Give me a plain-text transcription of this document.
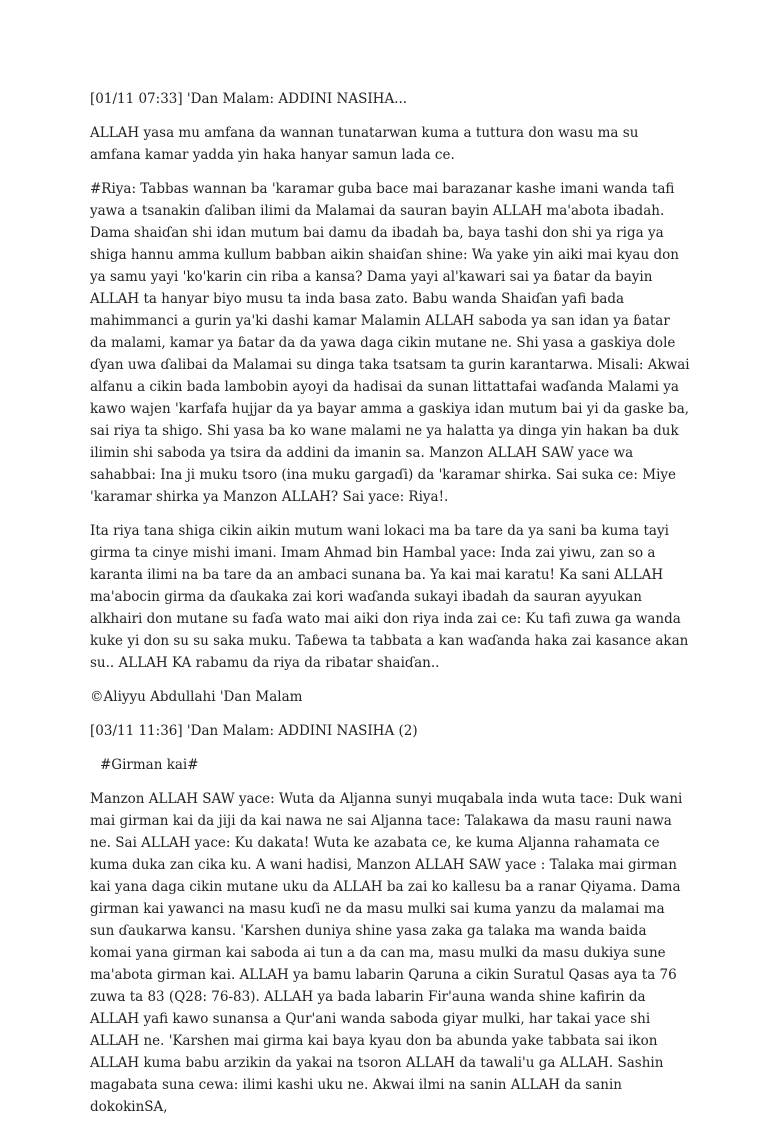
[01/11 07:33] 'Dan Malam: ADDINI NASIHA...

ALLAH yasa mu amfana da wannan tunatarwan kuma a tuttura don wasu ma su amfana kamar yadda yin haka hanyar samun lada ce.

#Riya: Tabbas wannan ba 'karamar guba bace mai barazanar kashe imani wanda tafi yawa a tsanakin ɗaliban ilimi da Malamai da sauran bayin ALLAH ma'abota ibadah. Dama shaiɗan shi idan mutum bai damu da ibadah ba, baya tashi don shi ya riga ya shiga hannu amma kullum babban aikin shaiɗan shine: Wa yake yin aiki mai kyau don ya samu yayi 'ko'karin cin riba a kansa? Dama yayi al'kawari sai ya ɓatar da bayin ALLAH ta hanyar biyo musu ta inda basa zato. Babu wanda Shaiɗan yafi bada mahimmanci a gurin ya'ki dashi kamar Malamin ALLAH saboda ya san idan ya ɓatar da malami, kamar ya ɓatar da da yawa daga cikin mutane ne. Shi yasa a gaskiya dole ɗyan uwa ɗalibai da Malamai su dinga taka tsatsam ta gurin karantarwa. Misali: Akwai alfanu a cikin bada lambobin ayoyi da hadisai da sunan littattafai waɗanda Malami ya kawo wajen 'karfafa hujjar da ya bayar amma a gaskiya idan mutum bai yi da gaske ba, sai riya ta shigo. Shi yasa ba ko wane malami ne ya halatta ya dinga yin hakan ba duk ilimin shi saboda ya tsira da addini da imanin sa. Manzon ALLAH SAW yace wa sahabbai: Ina ji muku tsoro (ina muku gargaɗi) da 'karamar shirka. Sai suka ce: Miye 'karamar shirka ya Manzon ALLAH? Sai yace: Riya!.

Ita riya tana shiga cikin aikin mutum wani lokaci ma ba tare da ya sani ba kuma tayi girma ta cinye mishi imani. Imam Ahmad bin Hambal yace: Inda zai yiwu, zan so a karanta ilimi na ba tare da an ambaci sunana ba. Ya kai mai karatu! Ka sani ALLAH ma'abocin girma da ɗaukaka zai kori waɗanda sukayi ibadah da sauran ayyukan alkhairi don mutane su faɗa wato mai aiki don riya inda zai ce: Ku tafi zuwa ga wanda kuke yi don su su saka muku. Taɓewa ta tabbata a kan waɗanda haka zai kasance akan su.. ALLAH KA rabamu da riya da ribatar shaiɗan..

©Aliyyu Abdullahi 'Dan Malam

[03/11 11:36] 'Dan Malam: ADDINI NASIHA (2)

#Girman kai#

Manzon ALLAH SAW yace: Wuta da Aljanna sunyi muqabala inda wuta tace: Duk wani mai girman kai da jiji da kai nawa ne sai Aljanna tace: Talakawa da masu rauni nawa ne. Sai ALLAH yace: Ku dakata! Wuta ke azabata ce, ke kuma Aljanna rahamata ce kuma duka zan cika ku. A wani hadisi, Manzon ALLAH SAW yace : Talaka mai girman kai yana daga cikin mutane uku da ALLAH ba zai ko kallesu ba a ranar Qiyama. Dama girman kai yawanci na masu kuɗi ne da masu mulki sai kuma yanzu da malamai ma sun ɗaukarwa kansu. 'Karshen duniya shine yasa zaka ga talaka ma wanda baida komai yana girman kai saboda ai tun a da can ma, masu mulki da masu dukiya sune ma'abota girman kai. ALLAH ya bamu labarin Qaruna a cikin Suratul Qasas aya ta 76 zuwa ta 83 (Q28: 76-83). ALLAH ya bada labarin Fir'auna wanda shine kafirin da ALLAH yafi kawo sunansa a Qur'ani wanda saboda giyar mulki, har takai yace shi ALLAH ne. 'Karshen mai girma kai baya kyau don ba abunda yake tabbata sai ikon ALLAH kuma babu arzikin da yakai na tsoron ALLAH da tawali'u ga ALLAH. Sashin magabata suna cewa: ilimi kashi uku ne. Akwai ilmi na sanin ALLAH da sanin dokokinSA,
